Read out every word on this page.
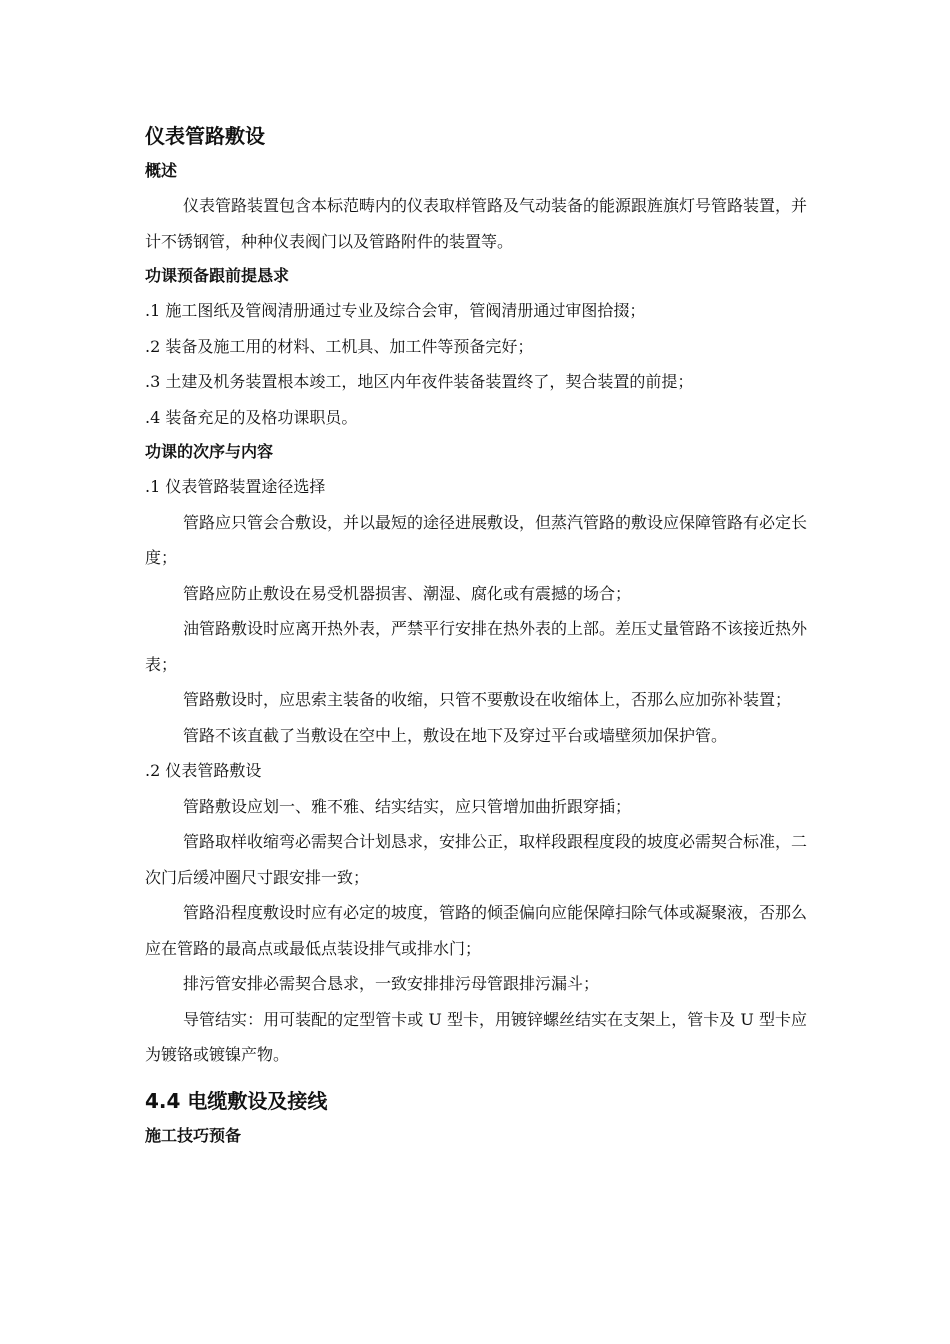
仪表管路敷设
概述

仪表管路装置包含本标范畴内的仪表取样管路及气动装备的能源跟旌旗灯号管路装置，并计不锈钢管，种种仪表阀门以及管路附件的装置等。

功课预备跟前提恳求

.1 施工图纸及管阀清册通过专业及综合会审，管阀清册通过审图拾掇；

.2 装备及施工用的材料、工机具、加工件等预备完好；

.3 土建及机务装置根本竣工，地区内年夜件装备装置终了，契合装置的前提；

.4 装备充足的及格功课职员。

功课的次序与内容

.1 仪表管路装置途径选择

管路应只管会合敷设，并以最短的途径进展敷设，但蒸汽管路的敷设应保障管路有必定长度；

管路应防止敷设在易受机器损害、潮湿、腐化或有震撼的场合；

油管路敷设时应离开热外表，严禁平行安排在热外表的上部。差压丈量管路不该接近热外表；

管路敷设时，应思索主装备的收缩，只管不要敷设在收缩体上，否那么应加弥补装置；

管路不该直截了当敷设在空中上，敷设在地下及穿过平台或墙壁须加保护管。

.2 仪表管路敷设

管路敷设应划一、雅不雅、结实结实，应只管增加曲折跟穿插；

管路取样收缩弯必需契合计划恳求，安排公正，取样段跟程度段的坡度必需契合标准，二次门后缓冲圈尺寸跟安排一致；

管路沿程度敷设时应有必定的坡度，管路的倾歪偏向应能保障扫除气体或凝聚液，否那么应在管路的最高点或最低点装设排气或排水门；

排污管安排必需契合恳求，一致安排排污母管跟排污漏斗；

导管结实：用可装配的定型管卡或 U 型卡，用镀锌螺丝结实在支架上，管卡及 U 型卡应为镀铬或镀镍产物。

4.4 电缆敷设及接线
施工技巧预备
